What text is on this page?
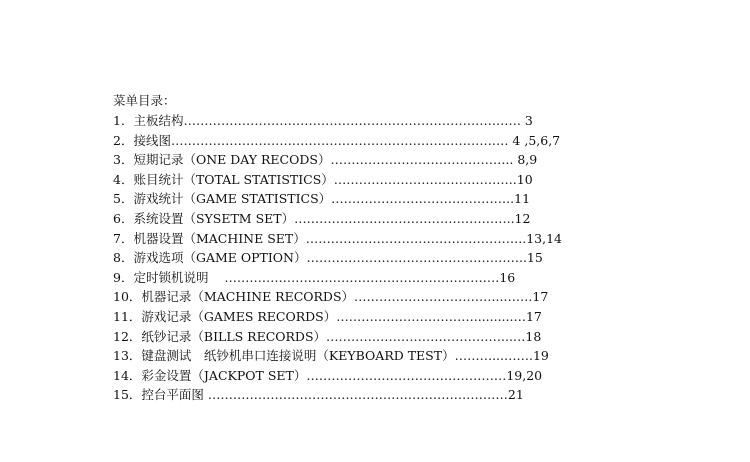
菜单目录：
1．主板结构……………………………………………………………………… 3
2．接线图……………………………………………………………………… 4 ,5,6,7
3．短期记录（ONE DAY RECODS）…………………………………….. 8,9
4．账目统计（TOTAL STATISTICS）……………………………………..10
5．游戏统计（GAME STATISTICS）……………………………………..11
6．系统设置（SYSETM SET）……………………………………………..12
7．机器设置（MACHINE SET）……………………………………………..13,14
8．游戏选项（GAME OPTION）……………………………………………..15
9．定时锁机说明    …………………………………………………………16
10．机器记录（MACHINE RECORDS）……………………………...…….17
11．游戏记录（GAMES RECORDS）……………………………..........…17
12．纸钞记录（BILLS RECORDS）……………………………………...…18
13．键盘测试　纸钞机串口连接说明（KEYBOARD TEST）………...…….19
14．彩金设置（JACKPOT SET）…………………………………………19,20
15．控台平面图 ………………………………………………………………21
